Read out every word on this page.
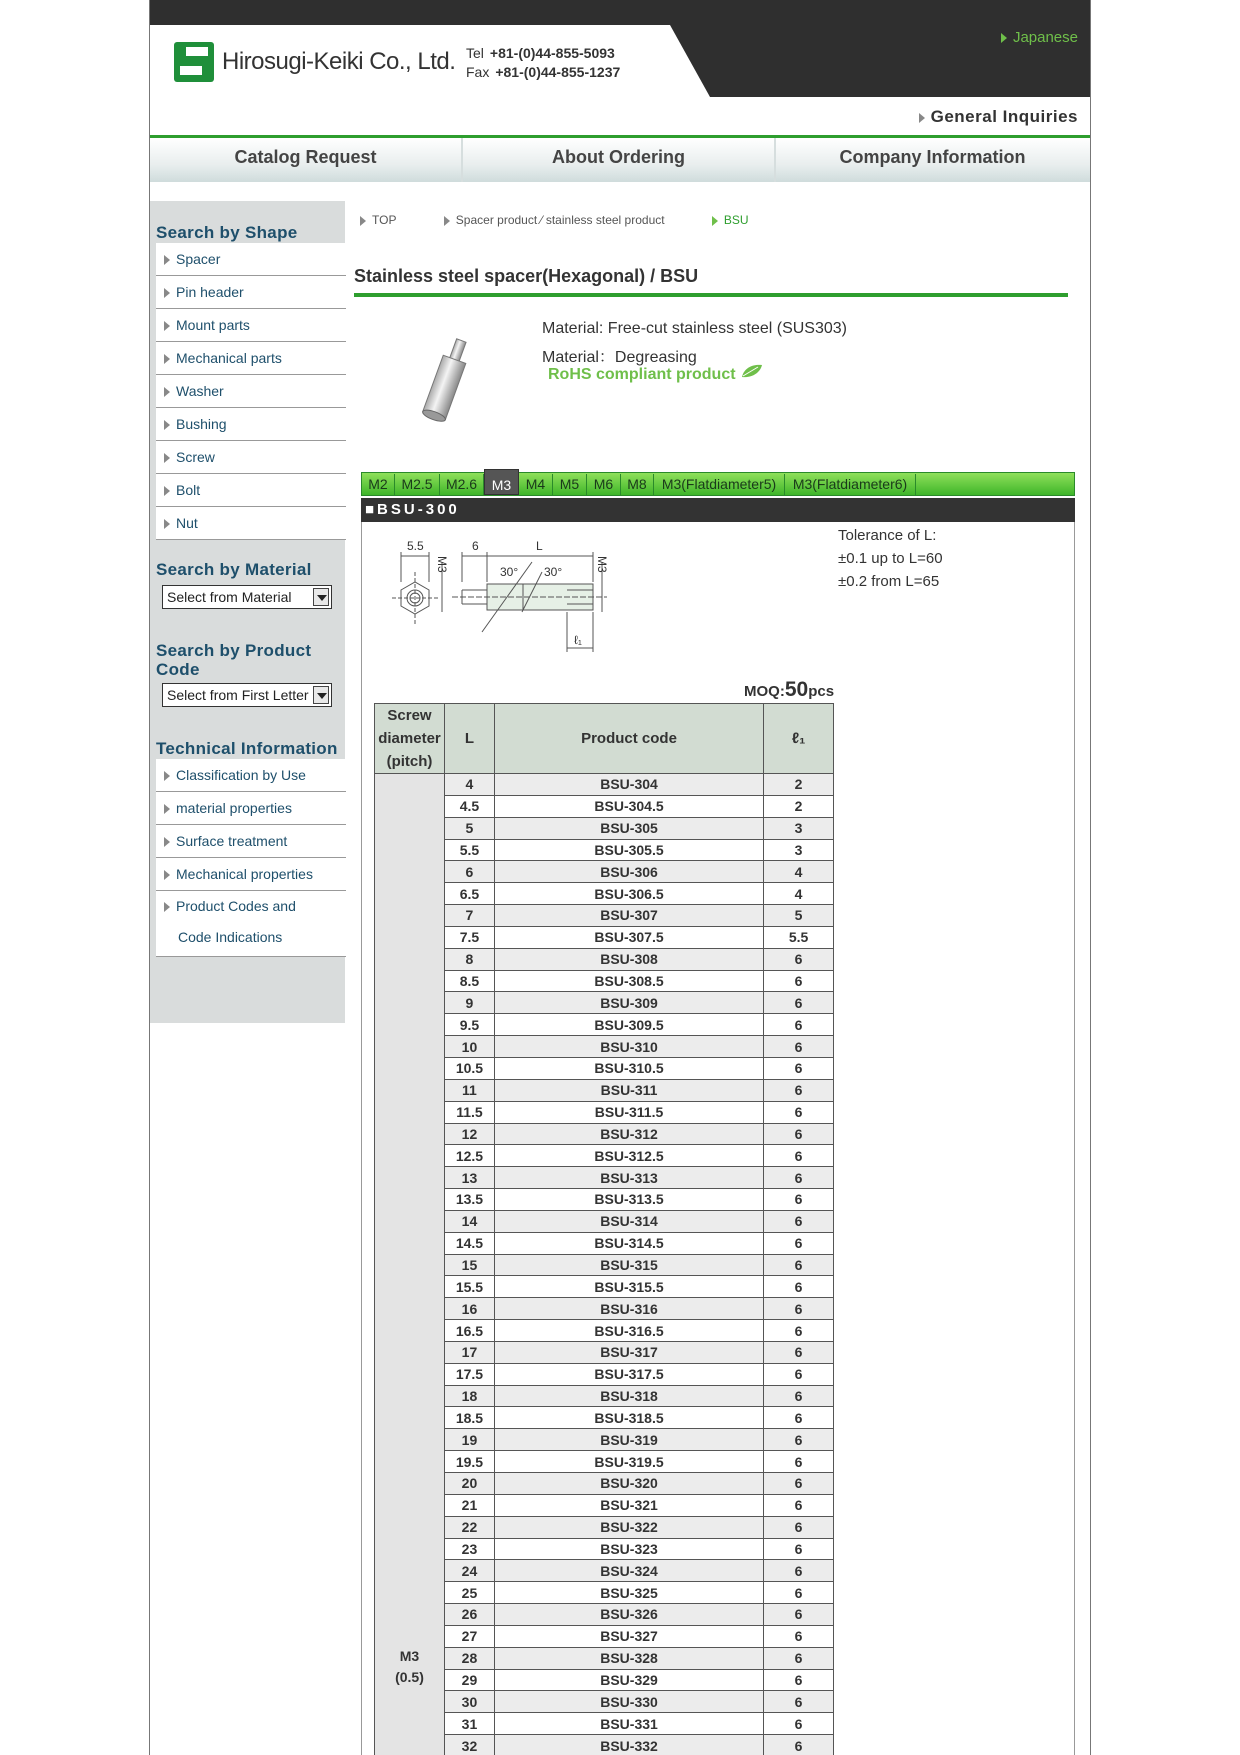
Hirosugi-Keiki Co., Ltd. Tel +81-(0)44-855-5093
Fax +81-(0)44-855-1237
Japanese
General Inquiries
Catalog Request	About Ordering	Company Information
Search by Shape
Spacer
Pin header
Mount parts
Mechanical parts
Washer
Bushing
Screw
Bolt
Nut
Search by Material
Select from Material
Search by Product
Code
Select from First Letter
Technical Information
Classification by Use
material properties
Surface treatment
Mechanical properties
Product Codes and
Code Indications
TOP	Spacer product ⁄ stainless steel product	BSU
Stainless steel spacer(Hexagonal) / BSU
Material: Free-cut stainless steel (SUS303)
Material：Degreasing
RoHS compliant product
M2 M2.5 M2.6	M3	M4	M5	M6	M8	M3(Flatdiameter5)	M3(Flatdiameter6)
■BSU-300
5.5
M3
6	L
M3
30° 30°
ℓ₁
Tolerance of L:
±0.1 up to L=60
±0.2 from L=65
MOQ:50pcs
Screw diameter (pitch)	L	Product code	ℓ₁

M3
(0.5)	4	BSU-304	2
	4.5	BSU-304.5	2
	5	BSU-305	3
	5.5	BSU-305.5	3
	6	BSU-306	4
	6.5	BSU-306.5	4
	7	BSU-307	5
	7.5	BSU-307.5	5.5
	8	BSU-308	6
	8.5	BSU-308.5	6
	9	BSU-309	6
	9.5	BSU-309.5	6
	10	BSU-310	6
	10.5	BSU-310.5	6
	11	BSU-311	6
	11.5	BSU-311.5	6
	12	BSU-312	6
	12.5	BSU-312.5	6
	13	BSU-313	6
	13.5	BSU-313.5	6
	14	BSU-314	6
	14.5	BSU-314.5	6
	15	BSU-315	6
	15.5	BSU-315.5	6
	16	BSU-316	6
	16.5	BSU-316.5	6
	17	BSU-317	6
	17.5	BSU-317.5	6
	18	BSU-318	6
	18.5	BSU-318.5	6
	19	BSU-319	6
	19.5	BSU-319.5	6
	20	BSU-320	6
	21	BSU-321	6
	22	BSU-322	6
	23	BSU-323	6
	24	BSU-324	6
	25	BSU-325	6
	26	BSU-326	6
	27	BSU-327	6
	28	BSU-328	6
	29	BSU-329	6
	30	BSU-330	6
	31	BSU-331	6
	32	BSU-332	6
